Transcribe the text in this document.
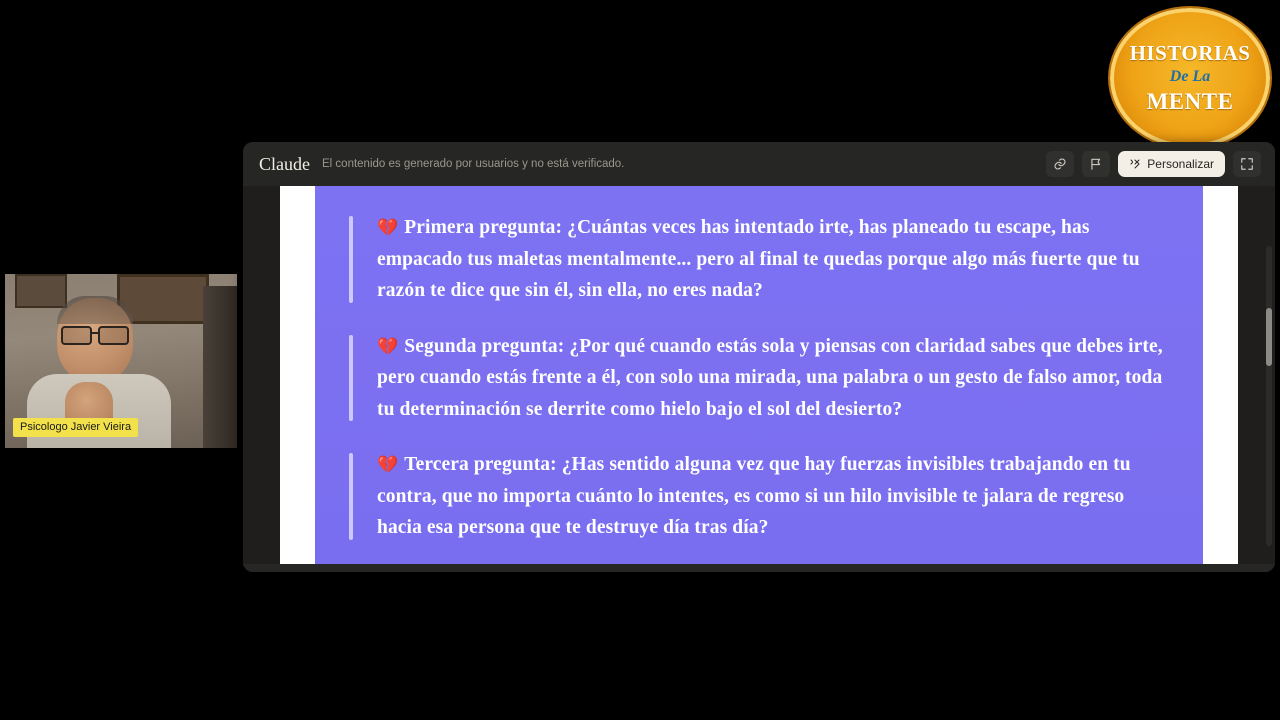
HISTORIAS
De La
MENTE
Psicologo Javier Vieira
Claude El contenido es generado por usuarios y no está verificado.	Personalizar
💔 Primera pregunta: ¿Cuántas veces has intentado irte, has planeado tu escape, has empacado tus maletas mentalmente... pero al final te quedas porque algo más fuerte que tu razón te dice que sin él, sin ella, no eres nada?
💔 Segunda pregunta: ¿Por qué cuando estás sola y piensas con claridad sabes que debes irte, pero cuando estás frente a él, con solo una mirada, una palabra o un gesto de falso amor, toda tu determinación se derrite como hielo bajo el sol del desierto?
💔 Tercera pregunta: ¿Has sentido alguna vez que hay fuerzas invisibles trabajando en tu contra, que no importa cuánto lo intentes, es como si un hilo invisible te jalara de regreso hacia esa persona que te destruye día tras día?
